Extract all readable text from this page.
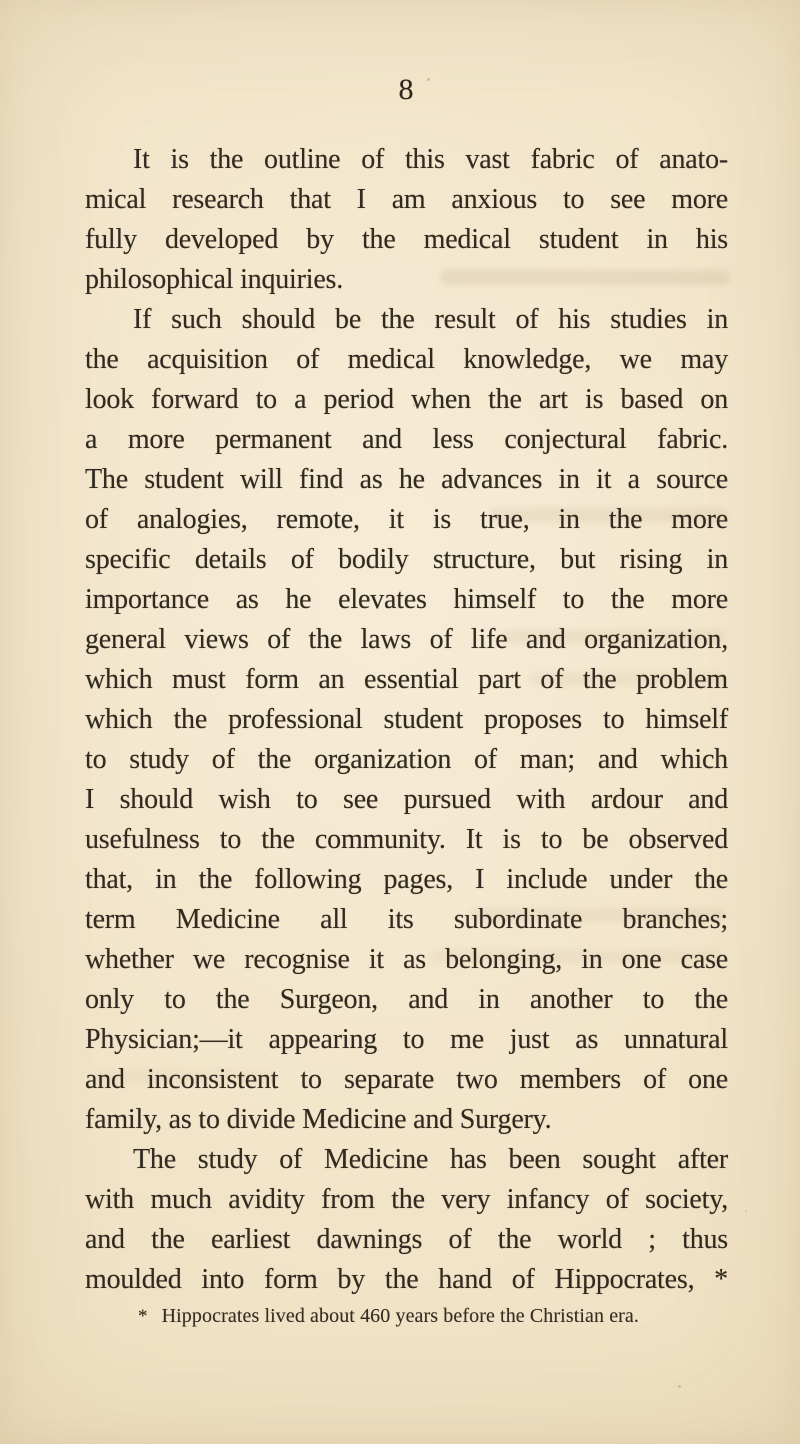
8
It is the outline of this vast fabric of anato-
mical research that I am anxious to see more
fully developed by the medical student in his
philosophical inquiries.
If such should be the result of his studies in
the acquisition of medical knowledge, we may
look forward to a period when the art is based on
a more permanent and less conjectural fabric.
The student will find as he advances in it a source
of analogies, remote, it is true, in the more
specific details of bodily structure, but rising in
importance as he elevates himself to the more
general views of the laws of life and organization,
which must form an essential part of the problem
which the professional student proposes to himself
to study of the organization of man; and which
I should wish to see pursued with ardour and
usefulness to the community. It is to be observed
that, in the following pages, I include under the
term Medicine all its subordinate branches;
whether we recognise it as belonging, in one case
only to the Surgeon, and in another to the
Physician;—it appearing to me just as unnatural
and inconsistent to separate two members of one
family, as to divide Medicine and Surgery.
The study of Medicine has been sought after
with much avidity from the very infancy of society,
and the earliest dawnings of the world ; thus
moulded into form by the hand of Hippocrates, *
* Hippocrates lived about 460 years before the Christian era.
